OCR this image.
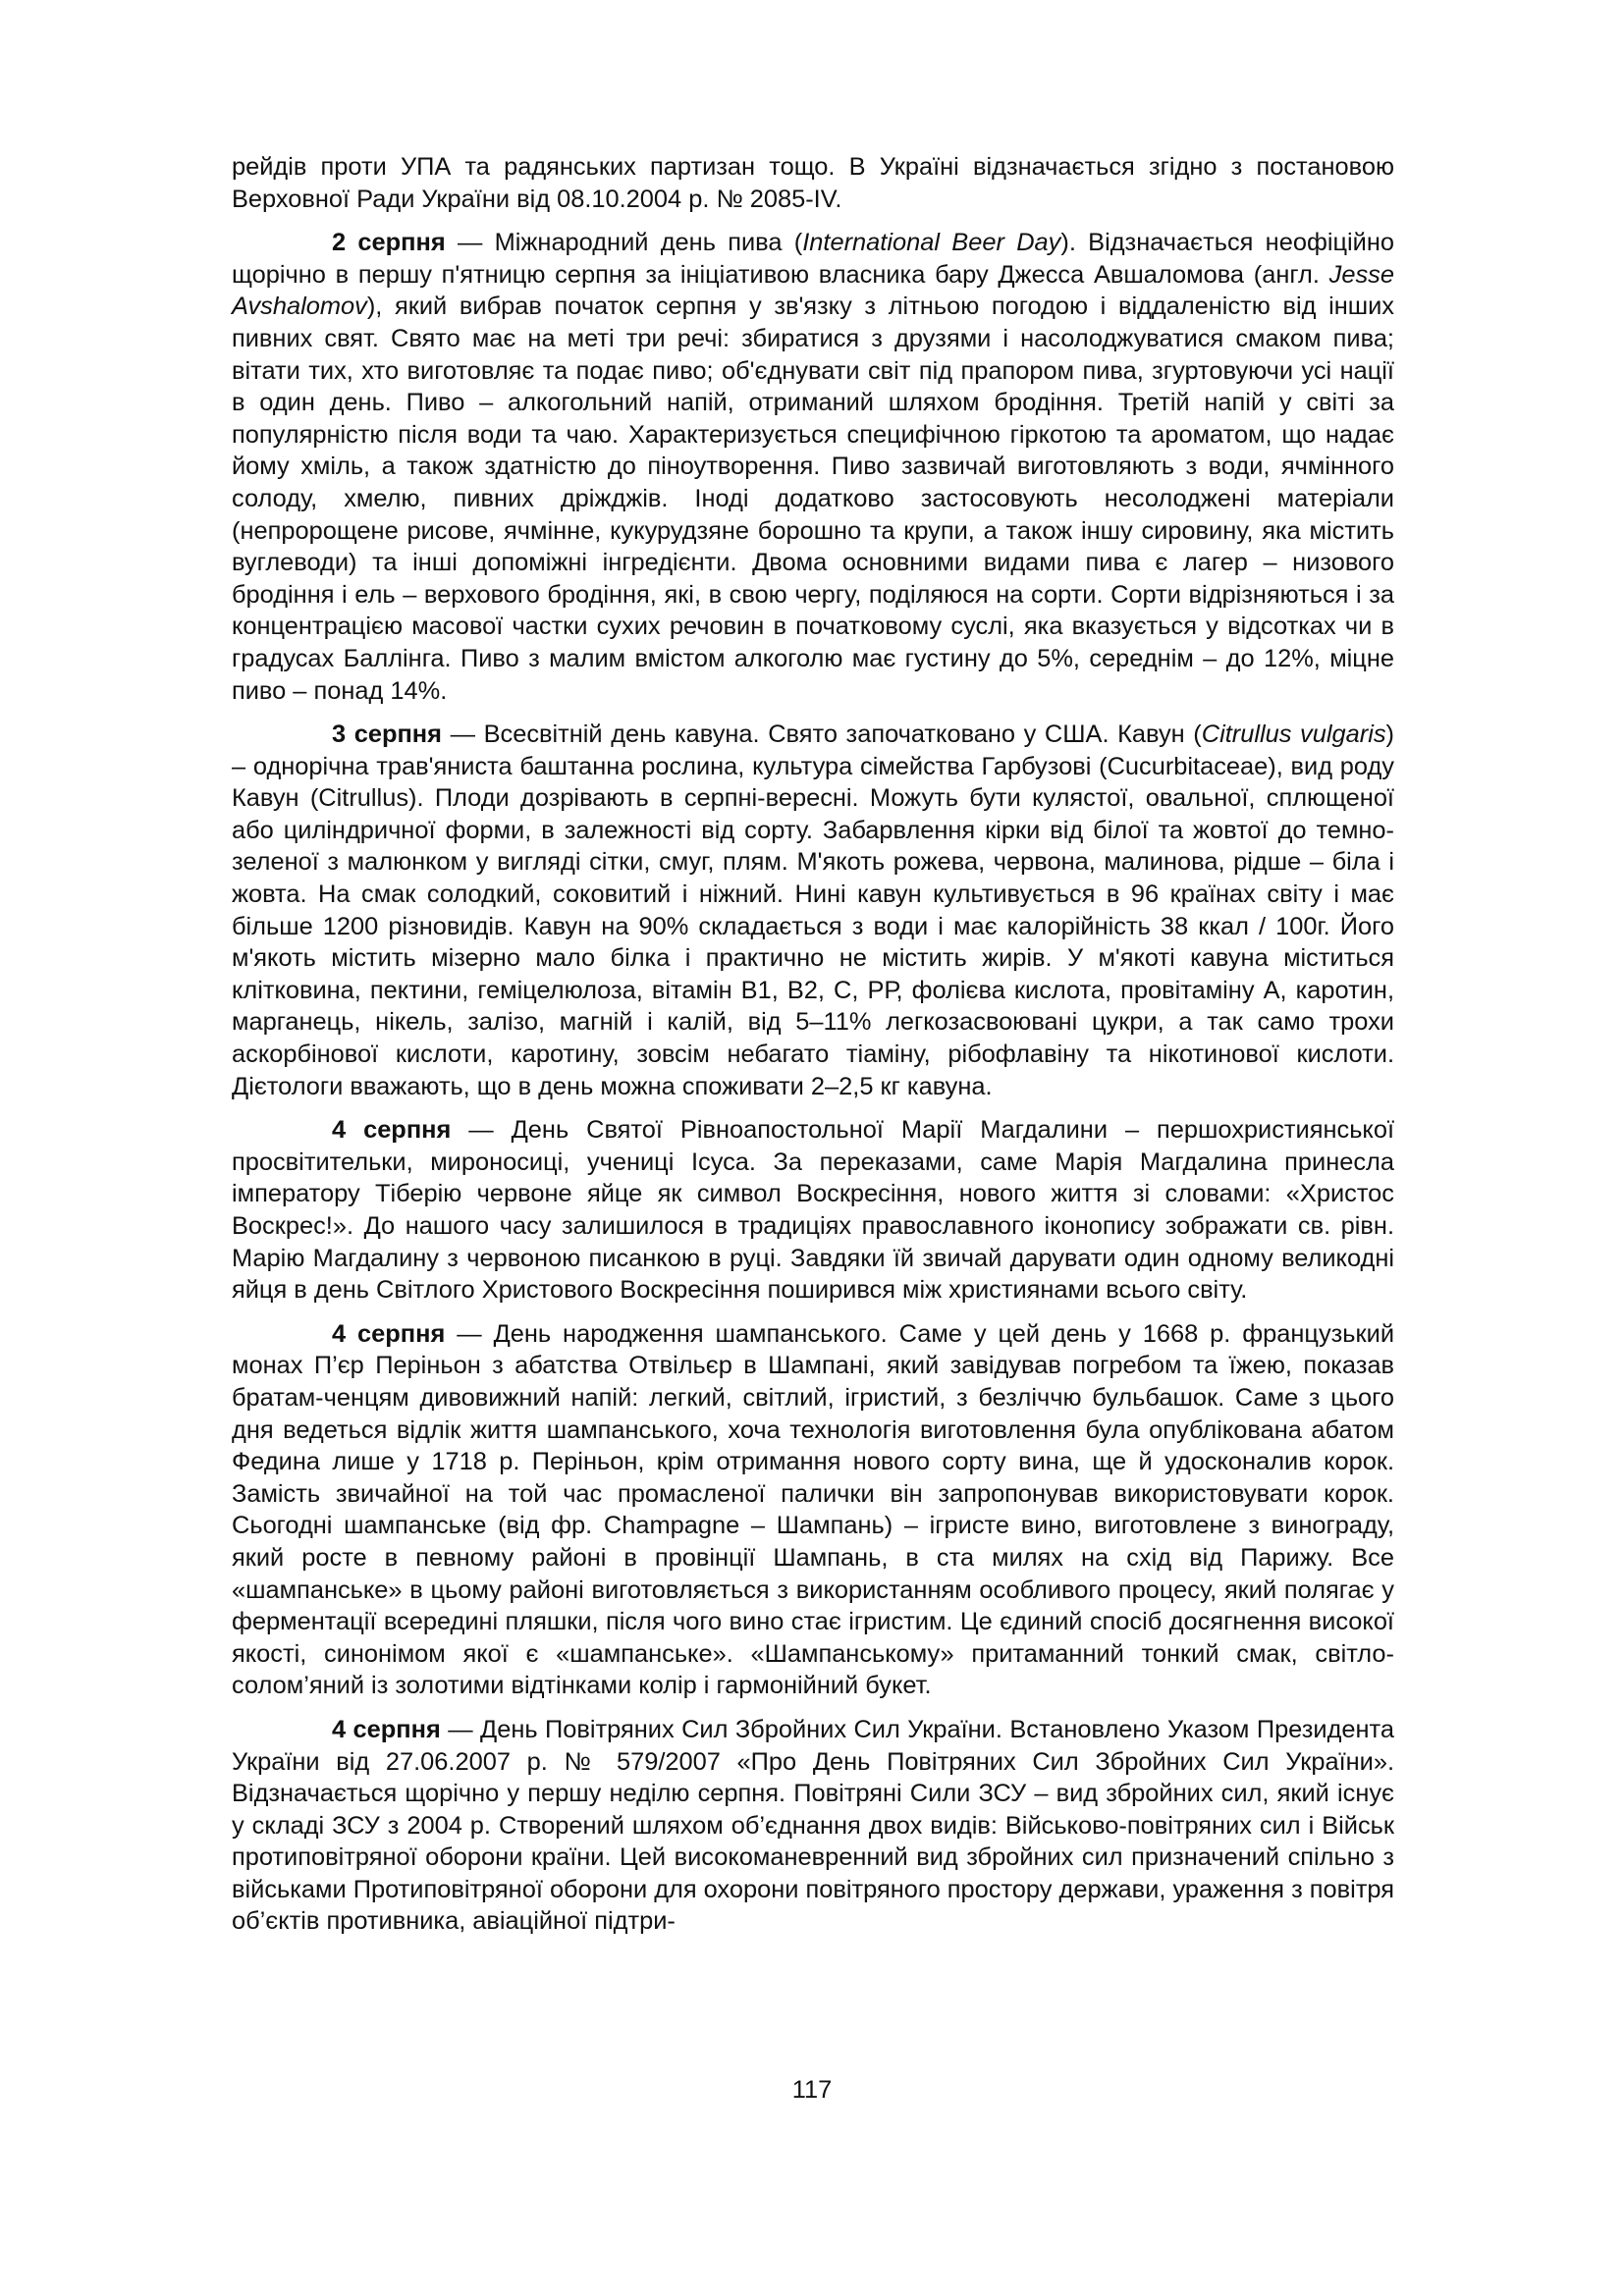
рейдів проти УПА та радянських партизан тощо. В Україні відзначається згідно з постановою Верховної Ради України від 08.10.2004 р. № 2085-IV.

2 серпня — Міжнародний день пива (International Beer Day). Відзначається неофіційно щорічно в першу п'ятницю серпня за ініціативою власника бару Джесса Авшаломова (англ. Jesse Avshalomov), який вибрав початок серпня у зв'язку з літньою погодою і віддаленістю від інших пивних свят. Свято має на меті три речі: збиратися з друзями і насолоджуватися смаком пива; вітати тих, хто виготовляє та подає пиво; об'єднувати світ під прапором пива, згуртовуючи усі нації в один день. Пиво – алкогольний напій, отриманий шляхом бродіння. Третій напій у світі за популярністю після води та чаю. Характеризується специфічною гіркотою та ароматом, що надає йому хміль, а також здатністю до піноутворення. Пиво зазвичай виготовляють з води, ячмінного солоду, хмелю, пивних дріжджів. Іноді додатково застосовують несолоджені матеріали (непророщене рисове, ячмінне, кукурудзяне борошно та крупи, а також іншу сировину, яка містить вуглеводи) та інші допоміжні інгредієнти. Двома основними видами пива є лагер – низового бродіння і ель – верхового бродіння, які, в свою чергу, поділяюся на сорти. Сорти відрізняються і за концентрацією масової частки сухих речовин в початковому суслі, яка вказується у відсотках чи в градусах Баллінга. Пиво з малим вмістом алкоголю має густину до 5%, середнім – до 12%, міцне пиво – понад 14%.

3 серпня — Всесвітній день кавуна. Свято започатковано у США. Кавун (Citrullus vulgaris) – однорічна трав'яниста баштанна рослина, культура сімейства Гарбузові (Cucurbitaceae), вид роду Кавун (Citrullus). Плоди дозрівають в серпні-вересні. Можуть бути кулястої, овальної, сплющеної або циліндричної форми, в залежності від сорту. Забарвлення кірки від білої та жовтої до темно-зеленої з малюнком у вигляді сітки, смуг, плям. М'якоть рожева, червона, малинова, рідше – біла і жовта. На смак солодкий, соковитий і ніжний. Нині кавун культивується в 96 країнах світу і має більше 1200 різновидів. Кавун на 90% складається з води і має калорійність 38 ккал / 100г. Його м'якоть містить мізерно мало білка і практично не містить жирів. У м'якоті кавуна міститься клітковина, пектини, геміцелюлоза, вітамін В1, В2, С, РР, фолієва кислота, провітаміну А, каротин, марганець, нікель, залізо, магній і калій, від 5–11% легкозасвоювані цукри, а так само трохи аскорбінової кислоти, каротину, зовсім небагато тіаміну, рібофлавіну та нікотинової кислоти. Дієтологи вважають, що в день можна споживати 2–2,5 кг кавуна.

4 серпня — День Святої Рівноапостольної Марії Магдалини – першохристиянської просвітительки, мироносиці, учениці Ісуса. За переказами, саме Марія Магдалина принесла імператору Тіберію червоне яйце як символ Воскресіння, нового життя зі словами: «Христос Воскрес!». До нашого часу залишилося в традиціях православного іконопису зображати св. рівн. Марію Магдалину з червоною писанкою в руці. Завдяки їй звичай дарувати один одному великодні яйця в день Світлого Христового Воскресіння поширився між християнами всього світу.

4 серпня — День народження шампанського. Саме у цей день у 1668 р. французький монах П’єр Періньон з абатства Отвільєр в Шампані, який завідував погребом та їжею, показав братам-ченцям дивовижний напій: легкий, світлий, ігристий, з безліччю бульбашок. Саме з цього дня ведеться відлік життя шампанського, хоча технологія виготовлення була опублікована абатом Федина лише у 1718 р. Періньон, крім отримання нового сорту вина, ще й удосконалив корок. Замість звичайної на той час промасленої палички він запропонував використовувати корок. Сьогодні шампанське (від фр. Champagne – Шампань) – ігристе вино, виготовлене з винограду, який росте в певному районі в провінції Шампань, в ста милях на схід від Парижу. Все «шампанське» в цьому районі виготовляється з використанням особливого процесу, який полягає у ферментації всередині пляшки, після чого вино стає ігристим. Це єдиний спосіб досягнення високої якості, синонімом якої є «шампанське». «Шампанському» притаманний тонкий смак, світло-солом’яний із золотими відтінками колір і гармонійний букет.

4 серпня — День Повітряних Сил Збройних Сил України. Встановлено Указом Президента України від 27.06.2007 р. № 579/2007 «Про День Повітряних Сил Збройних Сил України». Відзначається щорічно у першу неділю серпня. Повітряні Сили ЗСУ – вид збройних сил, який існує у складі ЗСУ з 2004 р. Створений шляхом об’єднання двох видів: Військово-повітряних сил і Військ протиповітряної оборони країни. Цей високоманевренний вид збройних сил призначений спільно з військами Протиповітряної оборони для охорони повітряного простору держави, ураження з повітря об’єктів противника, авіаційної підтри-

117
